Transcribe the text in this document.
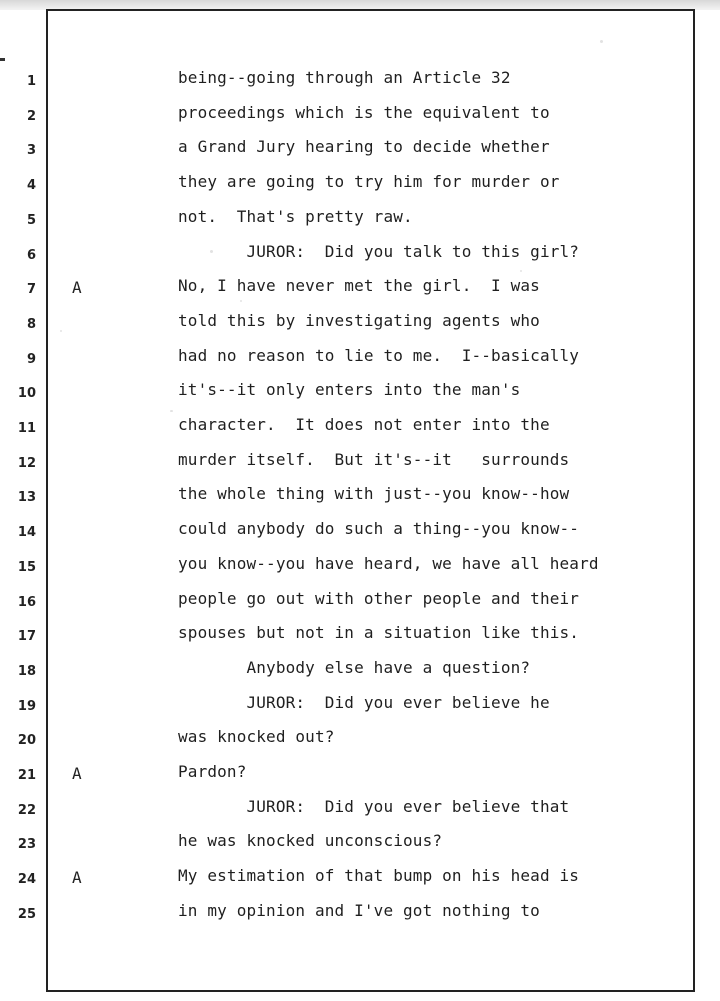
1	being--going through an Article 32
2	proceedings which is the equivalent to
3	a Grand Jury hearing to decide whether
4	they are going to try him for murder or
5	not.  That's pretty raw.
6	JUROR:  Did you talk to this girl?
7 A	No, I have never met the girl.  I was
8	told this by investigating agents who
9	had no reason to lie to me.  I--basically
10	it's--it only enters into the man's
11	character.  It does not enter into the
12	murder itself.  But it's--it   surrounds
13	the whole thing with just--you know--how
14	could anybody do such a thing--you know--
15	you know--you have heard, we have all heard
16	people go out with other people and their
17	spouses but not in a situation like this.
18	Anybody else have a question?
19	JUROR:  Did you ever believe he
20	was knocked out?
21 A	Pardon?
22	JUROR:  Did you ever believe that
23	he was knocked unconscious?
24 A	My estimation of that bump on his head is
25	in my opinion and I've got nothing to
